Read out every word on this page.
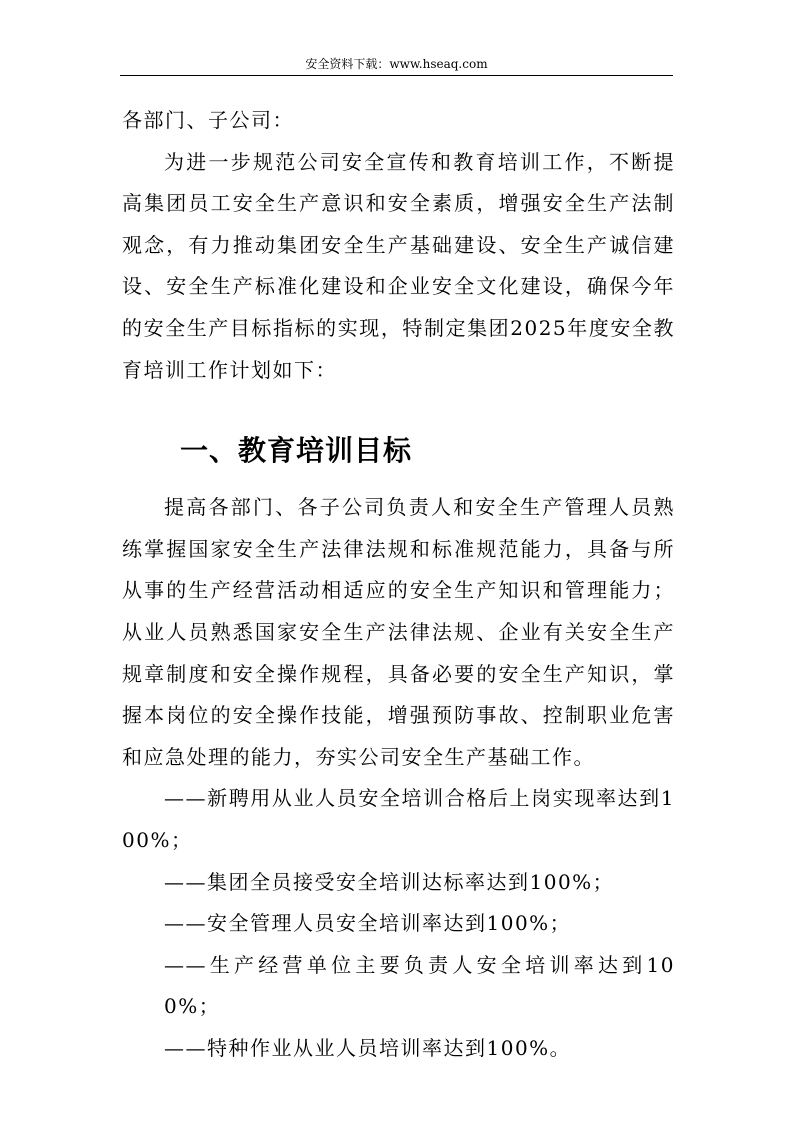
安全资料下载：www.hseaq.com

各部门、子公司：

为进一步规范公司安全宣传和教育培训工作，不断提高集团员工安全生产意识和安全素质，增强安全生产法制观念，有力推动集团安全生产基础建设、安全生产诚信建设、安全生产标准化建设和企业安全文化建设，确保今年的安全生产目标指标的实现，特制定集团2025年度安全教育培训工作计划如下：

一、教育培训目标

提高各部门、各子公司负责人和安全生产管理人员熟练掌握国家安全生产法律法规和标准规范能力，具备与所从事的生产经营活动相适应的安全生产知识和管理能力；从业人员熟悉国家安全生产法律法规、企业有关安全生产规章制度和安全操作规程，具备必要的安全生产知识，掌握本岗位的安全操作技能，增强预防事故、控制职业危害和应急处理的能力，夯实公司安全生产基础工作。

——新聘用从业人员安全培训合格后上岗实现率达到100%；

——集团全员接受安全培训达标率达到100%；

——安全管理人员安全培训率达到100%；

——生产经营单位主要负责人安全培训率达到100%；

——特种作业从业人员培训率达到100%。
